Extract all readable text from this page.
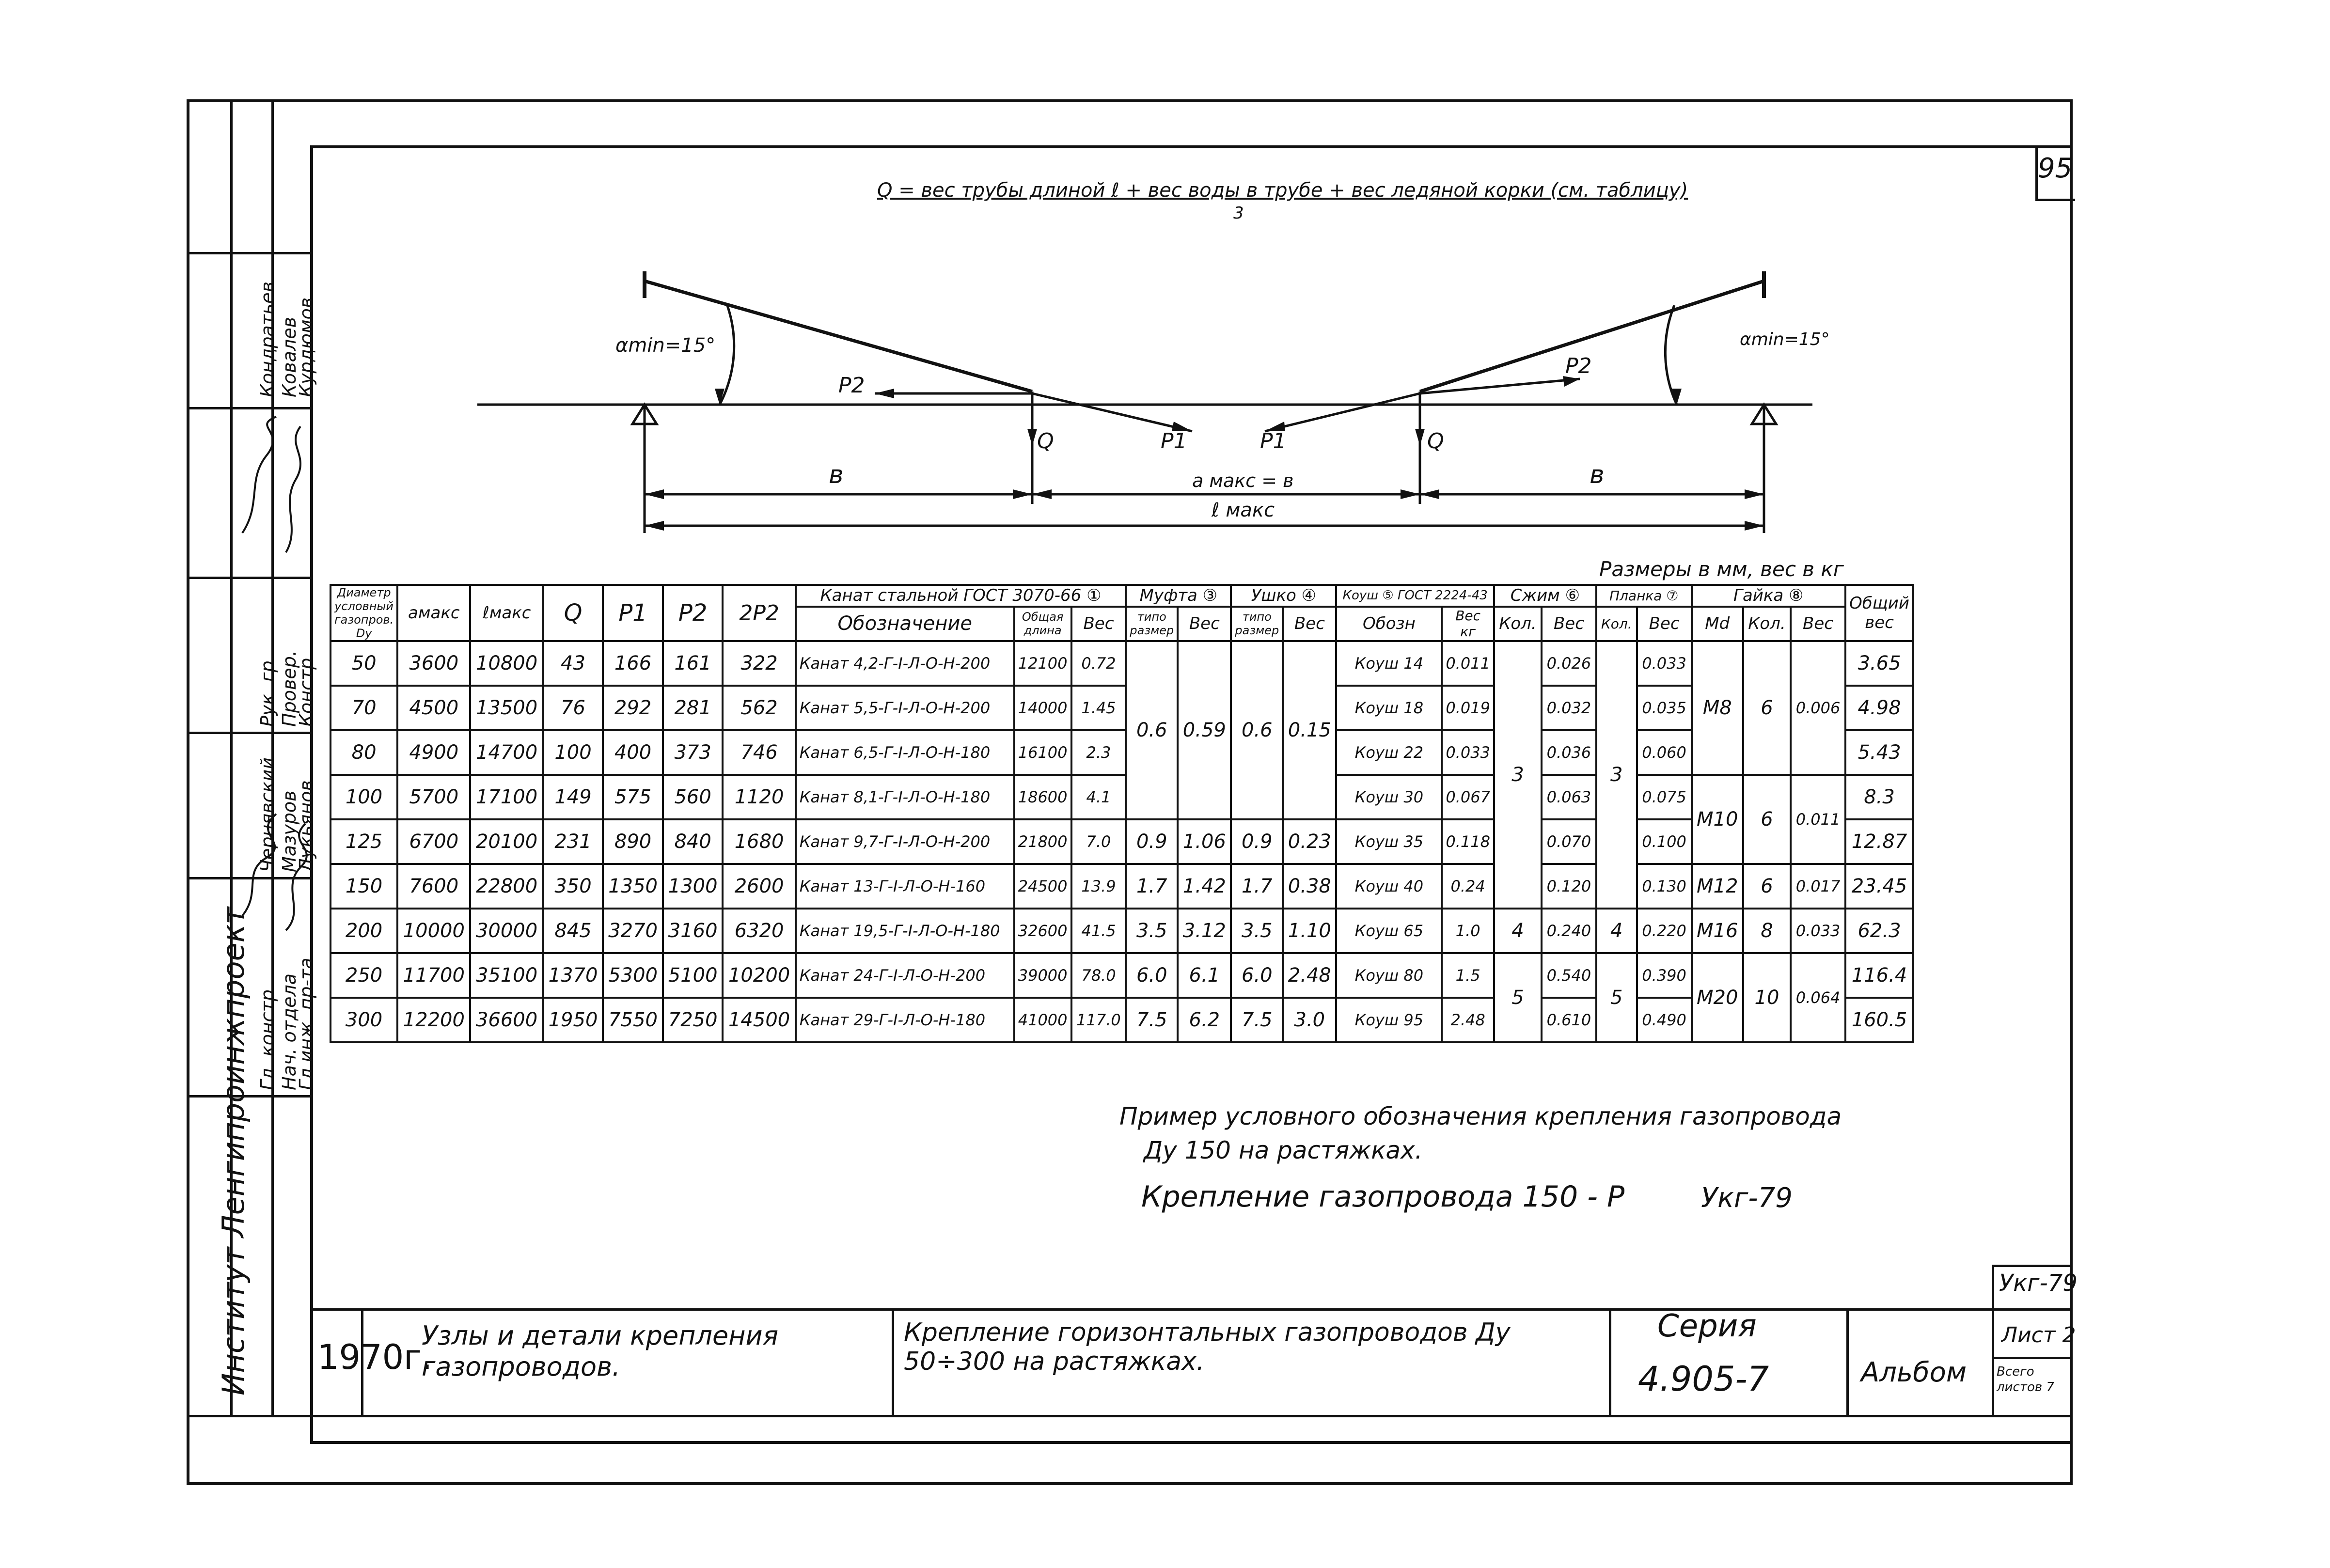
95
Q = вес трубы длиной ℓ + вес воды в трубе + вес ледяной корки (см. таблицу)
3
αmin=15°	αmin=15°
P2
P2
P1	P1
Q	Q
в	в
a макс = в
ℓ макс
Размеры в мм, вес в кг
Диаметр условный газопров. Dу	aмакс	ℓмакс	Q	P1	P2	2P2	Канат стальной ГОСТ 3070-66 ①			Муфта ③		Ушко ④		Коуш ⑤ ГОСТ 2224-43		Сжим ⑥		Планка ⑦		Гайка ⑧			Общий вес
							Обозначение	Общая длина	Вес	типо размер	Вес	типо размер	Вес	Обозн	Вес кг	Кол.	Вес	Кол.	Вес	Md	Кол.	Вес	
50	3600	10800	43	166	161	322	Канат 4,2-Г-I-Л-О-Н-200	12100	0.72	0.6	0.59	0.6	0.15	Коуш 14	0.011	3	0.026	3	0.033	М8	6	0.006	3.65
70	4500	13500	76	292	281	562	Канат 5,5-Г-I-Л-О-Н-200	14000	1.45					Коуш 18	0.019		0.032		0.035				4.98
80	4900	14700	100	400	373	746	Канат 6,5-Г-I-Л-О-Н-180	16100	2.3					Коуш 22	0.033		0.036		0.060				5.43
100	5700	17100	149	575	560	1120	Канат 8,1-Г-I-Л-О-Н-180	18600	4.1					Коуш 30	0.067		0.063		0.075	М10	6	0.011	8.3
125	6700	20100	231	890	840	1680	Канат 9,7-Г-I-Л-О-Н-200	21800	7.0	0.9	1.06	0.9	0.23	Коуш 35	0.118		0.070		0.100				12.87
150	7600	22800	350	1350	1300	2600	Канат 13-Г-I-Л-О-Н-160	24500	13.9	1.7	1.42	1.7	0.38	Коуш 40	0.24		0.120		0.130	М12	6	0.017	23.45
200	10000	30000	845	3270	3160	6320	Канат 19,5-Г-I-Л-О-Н-180	32600	41.5	3.5	3.12	3.5	1.10	Коуш 65	1.0	4	0.240	4	0.220	М16	8	0.033	62.3
250	11700	35100	1370	5300	5100	10200	Канат 24-Г-I-Л-О-Н-200	39000	78.0	6.0	6.1	6.0	2.48	Коуш 80	1.5	5	0.540	5	0.390	М20	10	0.064	116.4
300	12200	36600	1950	7550	7250	14500	Канат 29-Г-I-Л-О-Н-180	41000	117.0	7.5	6.2	7.5	3.0	Коуш 95	2.48		0.610		0.490				160.5
Пример условного обозначения крепления газопровода
Ду 150 на растяжках.
Крепление газопровода 150 - Р	Укг-79
Укг-79
1970г.
Узлы и детали крепления газопроводов.
Крепление горизонтальных газопроводов Ду 50÷300 на растяжках.
Серия
4.905-7	Альбом
Лист 2
Всего листов 7
Институт Ленгипроинжпроект Гл. констр. Нач. отдела
Гл.инж. пр-та
Чернявский Мазуров
Лукьянов
Рук. гр. Провер.
Констр.
Кондратьев Ковалев
Курдюмов
